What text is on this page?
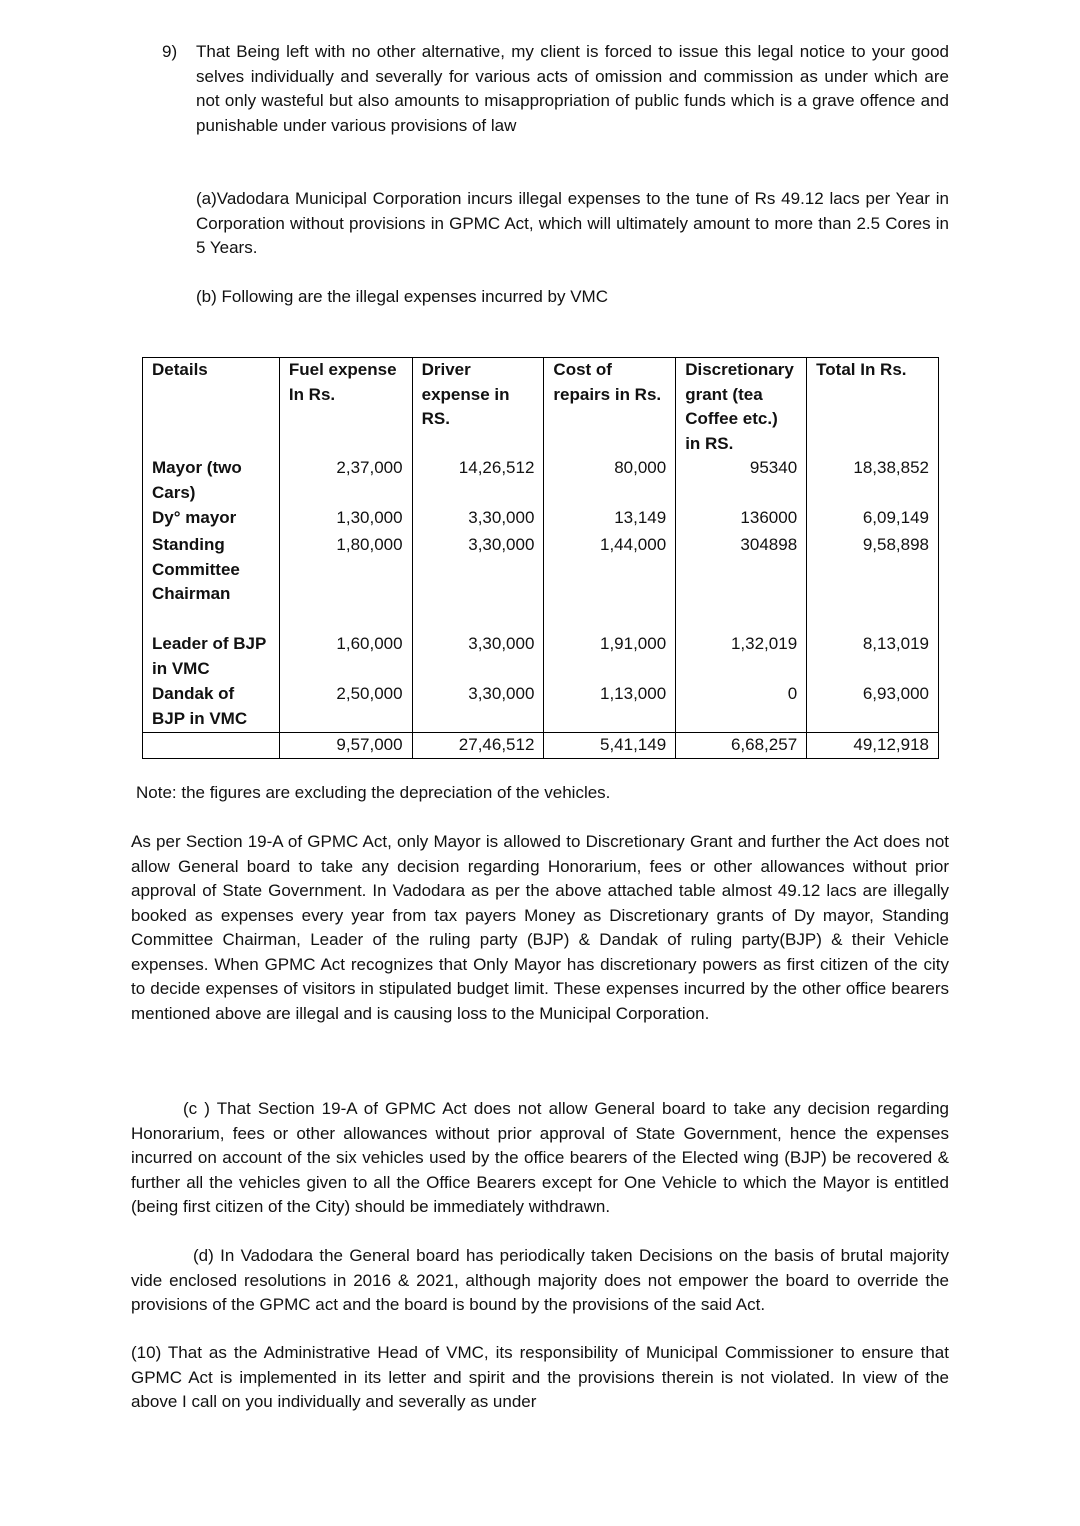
9) That Being left with no other alternative, my client is forced to issue this legal notice to your good selves individually and severally for various acts of omission and commission as under which are not only wasteful but also amounts to misappropriation of public funds which is a grave offence and punishable under various provisions of law
(a)Vadodara Municipal Corporation incurs illegal expenses to the tune of Rs 49.12 lacs per Year in Corporation without provisions in GPMC Act, which will ultimately amount to more than 2.5 Cores in 5 Years.
(b) Following are the illegal expenses incurred by VMC
Details	Fuel expense In Rs.	Driver expense in RS.	Cost of repairs in Rs.	Discretionary grant (tea Coffee etc.) in RS.	Total In Rs.
Mayor (two Cars)	2,37,000	14,26,512	80,000	95340	18,38,852
Dy° mayor	1,30,000	3,30,000	13,149	136000	6,09,149
Standing Committee Chairman	1,80,000	3,30,000	1,44,000	304898	9,58,898
Leader of BJP in VMC	1,60,000	3,30,000	1,91,000	1,32,019	8,13,019
Dandak of BJP in VMC	2,50,000	3,30,000	1,13,000	0	6,93,000
	9,57,000	27,46,512	5,41,149	6,68,257	49,12,918
Note: the figures are excluding the depreciation of the vehicles.
As per Section 19-A of GPMC Act, only Mayor is allowed to Discretionary Grant and further the Act does not allow General board to take any decision regarding Honorarium, fees or other allowances without prior approval of State Government. In Vadodara as per the above attached table almost 49.12 lacs are illegally booked as expenses every year from tax payers Money as Discretionary grants of Dy mayor, Standing Committee Chairman, Leader of the ruling party (BJP) & Dandak of ruling party(BJP) & their Vehicle expenses. When GPMC Act recognizes that Only Mayor has discretionary powers as first citizen of the city to decide expenses of visitors in stipulated budget limit. These expenses incurred by the other office bearers mentioned above are illegal and is causing loss to the Municipal Corporation.
(c ) That Section 19-A of GPMC Act does not allow General board to take any decision regarding Honorarium, fees or other allowances without prior approval of State Government, hence the expenses incurred on account of the six vehicles used by the office bearers of the Elected wing (BJP) be recovered & further all the vehicles given to all the Office Bearers except for One Vehicle to which the Mayor is entitled (being first citizen of the City) should be immediately withdrawn.
(d) In Vadodara the General board has periodically taken Decisions on the basis of brutal majority vide enclosed resolutions in 2016 & 2021, although majority does not empower the board to override the provisions of the GPMC act and the board is bound by the provisions of the said Act.
(10) That as the Administrative Head of VMC, its responsibility of Municipal Commissioner to ensure that GPMC Act is implemented in its letter and spirit and the provisions therein is not violated. In view of the above I call on you individually and severally as under
